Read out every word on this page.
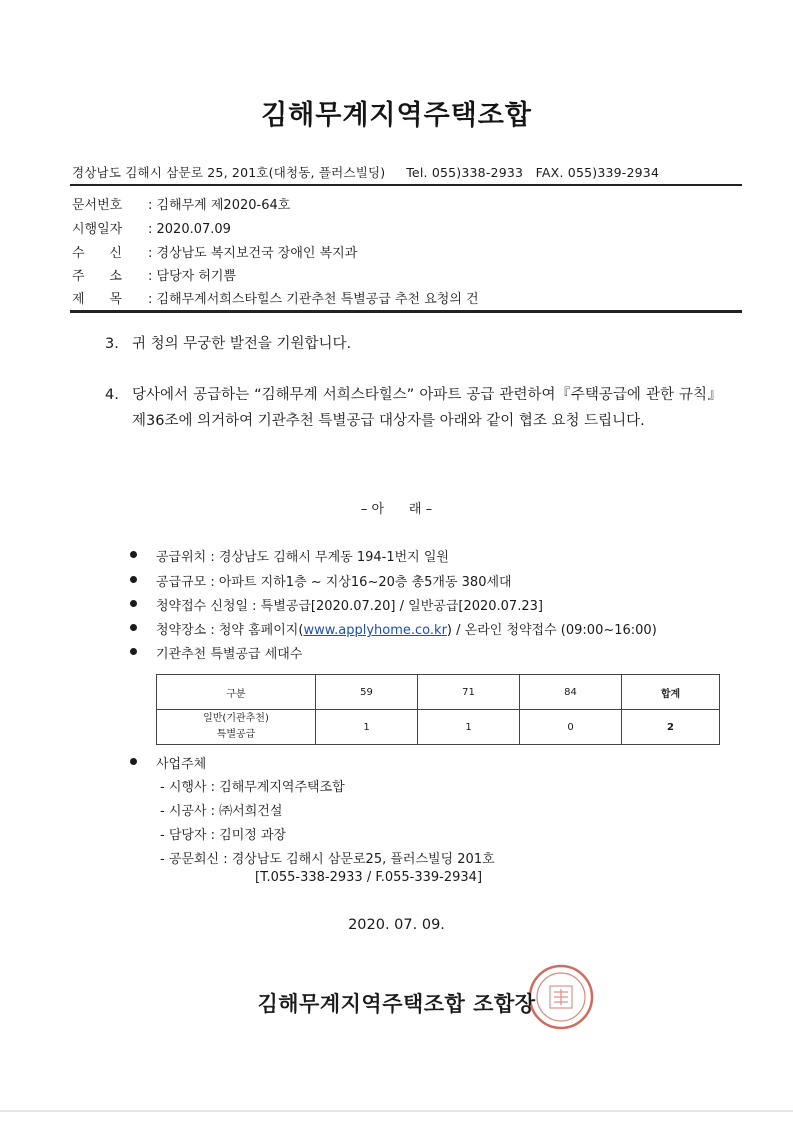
김해무계지역주택조합
경상남도 김해시 삼문로 25, 201호(대청동, 플러스빌딩)     Tel. 055)338-2933   FAX. 055)339-2934
문서번호 : 김해무계 제2020-64호
시행일자 : 2020.07.09
수      신 : 경상남도 복지보건국 장애인 복지과
주      소 : 담당자 허기쁨
제      목 : 김해무계서희스타힐스 기관추천 특별공급 추천 요청의 건
3. 귀 청의 무궁한 발전을 기원합니다.
4. 당사에서 공급하는 “김해무계 서희스타힐스” 아파트 공급 관련하여『주택공급에 관한 규칙』제36조에 의거하여 기관추천 특별공급 대상자를 아래와 같이 협조 요청 드립니다.
– 아      래 –
공급위치 : 경상남도 김해시 무계동 194-1번지 일원
공급규모 : 아파트 지하1층 ~ 지상16~20층 총5개동 380세대
청약접수 신청일 : 특별공급[2020.07.20] / 일반공급[2020.07.23]
청약장소 : 청약 홈페이지(www.applyhome.co.kr) / 온라인 청약접수 (09:00~16:00)
기관추천 특별공급 세대수
구분	59	71	84	합계
일반(기관추천)
특별공급	1	1	0	2
사업주체
- 시행사 : 김해무계지역주택조합
- 시공사 : ㈜서희건설
- 담당자 : 김미정 과장
- 공문회신 : 경상남도 김해시 삼문로25, 플러스빌딩 201호
[T.055-338-2933 / F.055-339-2934]
2020. 07. 09.
김해무계지역주택조합 조합장
